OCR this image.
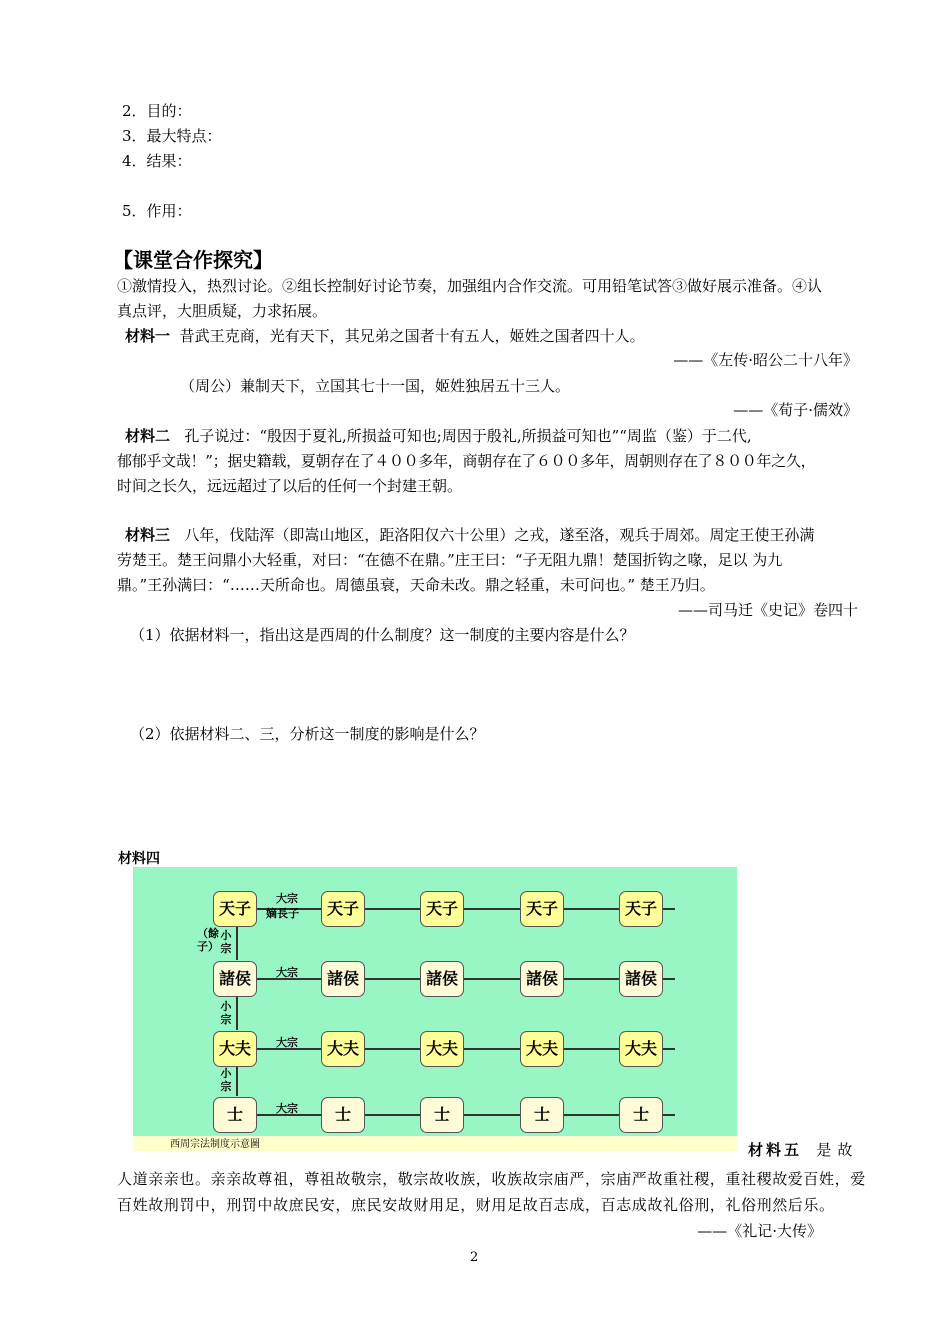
2．目的：
3．最大特点：
4．结果：
5．作用：
【课堂合作探究】
①激情投入，热烈讨论。②组长控制好讨论节奏，加强组内合作交流。可用铅笔试答③做好展示准备。④认
真点评，大胆质疑，力求拓展。
材料一 昔武王克商，光有天下，其兄弟之国者十有五人，姬姓之国者四十人。
——《左传·昭公二十八年》
（周公）兼制天下，立国其七十一国，姬姓独居五十三人。
——《荀子·儒效》
材料二 孔子说过：“殷因于夏礼,所损益可知也;周因于殷礼,所损益可知也”“周监（鉴）于二代,
郁郁乎文哉！”；据史籍载，夏朝存在了４００多年，商朝存在了６００多年，周朝则存在了８００年之久，
时间之长久，远远超过了以后的任何一个封建王朝。
材料三 八年，伐陆浑（即嵩山地区，距洛阳仅六十公里）之戎，遂至洛，观兵于周郊。周定王使王孙满
劳楚王。楚王问鼎小大轻重，对曰：“在德不在鼎。”庄王曰：“子无阻九鼎！楚国折钩之喙，足以 为九
鼎。”王孙满曰：“……天所命也。周德虽衰，天命未改。鼎之轻重，未可问也。” 楚王乃归。
——司马迁《史记》卷四十
（1）依据材料一，指出这是西周的什么制度？这一制度的主要内容是什么？
（2）依据材料二、三，分析这一制度的影响是什么？
材料四
天子	天子	天子	天子	天子
諸侯	諸侯	諸侯	諸侯	諸侯
大夫	大夫	大夫	大夫	大夫
士	士	士	士	士
大宗
嫡長子
大宗
大宗
大宗
小宗
小宗
小宗
（餘子）
西周宗法制度示意圖	材料五 是故
人道亲亲也。亲亲故尊祖，尊祖故敬宗，敬宗故收族，收族故宗庙严，宗庙严故重社稷，重社稷故爱百姓，爱
百姓故刑罚中，刑罚中故庶民安，庶民安故财用足，财用足故百志成，百志成故礼俗刑，礼俗刑然后乐。
——《礼记·大传》
2
